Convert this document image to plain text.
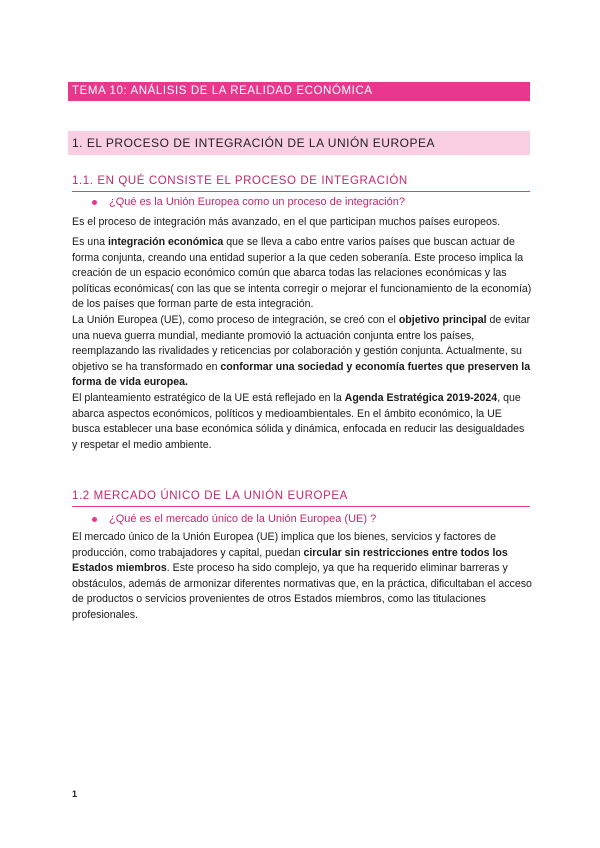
TEMA 10: ANÁLISIS DE LA REALIDAD ECONÓMICA
1. EL PROCESO DE INTEGRACIÓN DE LA UNIÓN EUROPEA
1.1. EN QUÉ CONSISTE EL PROCESO DE INTEGRACIÓN
¿Qué es la Unión Europea como un proceso de integración?
Es el proceso de integración más avanzado, en el que participan muchos países europeos.
Es una integración económica que se lleva a cabo entre varios países que buscan actuar de forma conjunta, creando una entidad superior a la que ceden soberanía. Este proceso implica la creación de un espacio económico común que abarca todas las relaciones económicas y las políticas económicas( con las que se intenta corregir o mejorar el funcionamiento de la economía) de los países que forman parte de esta integración.
La Unión Europea (UE), como proceso de integración, se creó con el objetivo principal de evitar una nueva guerra mundial, mediante promovió la actuación conjunta entre los países, reemplazando las rivalidades y reticencias por colaboración y gestión conjunta. Actualmente, su objetivo se ha transformado en conformar una sociedad y economía fuertes que preserven la forma de vida europea.
El planteamiento estratégico de la UE está reflejado en la Agenda Estratégica 2019-2024, que abarca aspectos económicos, políticos y medioambientales. En el ámbito económico, la UE busca establecer una base económica sólida y dinámica, enfocada en reducir las desigualdades y respetar el medio ambiente.
1.2 MERCADO ÚNICO DE LA UNIÓN EUROPEA
¿Qué es el mercado único de la Unión Europea (UE) ?
El mercado único de la Unión Europea (UE) implica que los bienes, servicios y factores de producción, como trabajadores y capital, puedan circular sin restricciones entre todos los Estados miembros. Este proceso ha sido complejo, ya que ha requerido eliminar barreras y obstáculos, además de armonizar diferentes normativas que, en la práctica, dificultaban el acceso de productos o servicios provenientes de otros Estados miembros, como las titulaciones profesionales.
1
